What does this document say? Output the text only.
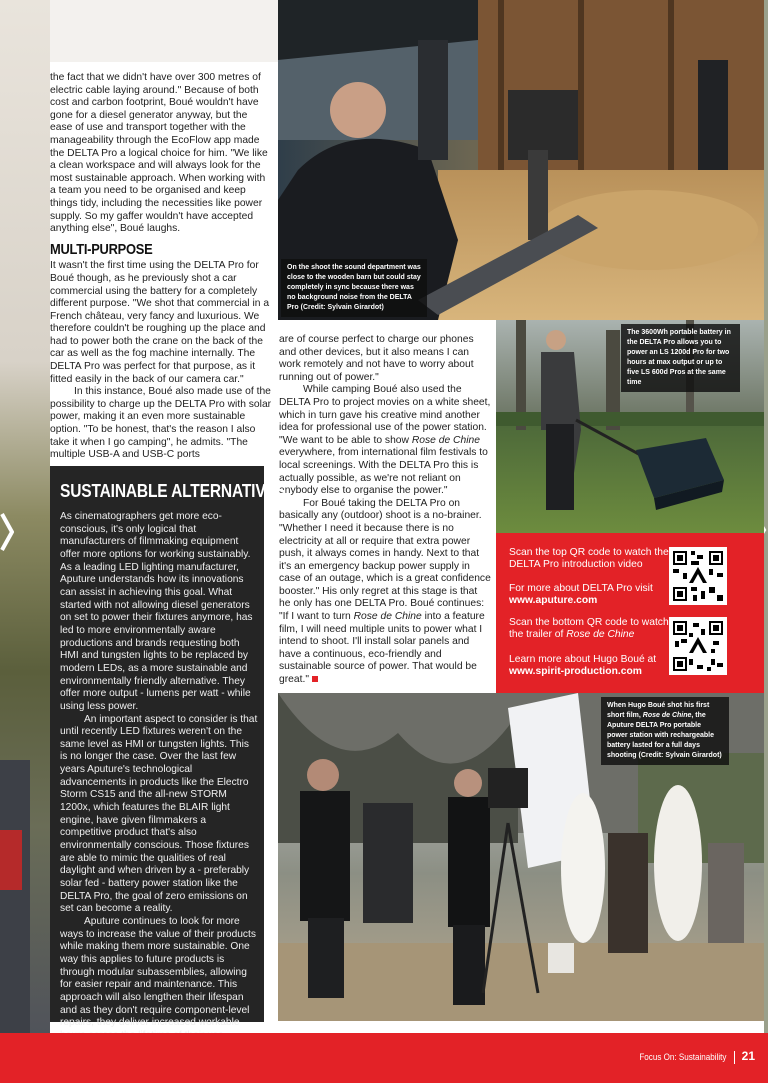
the fact that we didn't have over 300 metres of electric cable laying around." Because of both cost and carbon footprint, Boué wouldn't have gone for a diesel generator anyway, but the ease of use and transport together with the manageability through the EcoFlow app made the DELTA Pro a logical choice for him. "We like a clean workspace and will always look for the most sustainable approach. When working with a team you need to be organised and keep things tidy, including the necessities like power supply. So my gaffer wouldn't have accepted anything else", Boué laughs.

MULTI-PURPOSE

It wasn't the first time using the DELTA Pro for Boué though, as he previously shot a car commercial using the battery for a completely different purpose. "We shot that commercial in a French château, very fancy and luxurious. We therefore couldn't be roughing up the place and had to power both the crane on the back of the car as well as the fog machine internally. The DELTA Pro was perfect for that purpose, as it fitted easily in the back of our camera car."

In this instance, Boué also made use of the possibility to charge up the DELTA Pro with solar power, making it an even more sustainable option. "To be honest, that's the reason I also take it when I go camping", he admits. "The multiple USB-A and USB-C ports

On the shoot the sound department was close to the wooden barn but could stay completely in sync because there was no background noise from the DELTA Pro (Credit: Sylvain Girardot)

are of course perfect to charge our phones and other devices, but it also means I can work remotely and not have to worry about running out of power."

While camping Boué also used the DELTA Pro to project movies on a white sheet, which in turn gave his creative mind another idea for professional use of the power station. "We want to be able to show Rose de Chine everywhere, from international film festivals to local screenings. With the DELTA Pro this is actually possible, as we're not reliant on anybody else to organise the power."

For Boué taking the DELTA Pro on basically any (outdoor) shoot is a no-brainer. "Whether I need it because there is no electricity at all or require that extra power push, it always comes in handy. Next to that it's an emergency backup power supply in case of an outage, which is a great confidence booster." His only regret at this stage is that he only has one DELTA Pro. Boué continues: "If I want to turn Rose de Chine into a feature film, I will need multiple units to power what I intend to shoot. I'll install solar panels and have a continuous, eco-friendly and sustainable source of power. That would be great."

The 3600Wh portable battery in the DELTA Pro allows you to power an LS 1200d Pro for two hours at max output or up to five LS 600d Pros at the same time
Scan the top QR code to watch the DELTA Pro introduction video
For more about DELTA Pro visit www.aputure.com
Scan the bottom QR code to watch the trailer of Rose de Chine
Learn more about Hugo Boué at www.spirit-production.com
SUSTAINABLE ALTERNATIVES

As cinematographers get more eco-conscious, it's only logical that manufacturers of filmmaking equipment offer more options for working sustainably. As a leading LED lighting manufacturer, Aputure understands how its innovations can assist in achieving this goal. What started with not allowing diesel generators on set to power their fixtures anymore, has led to more environmentally aware productions and brands requesting both HMI and tungsten lights to be replaced by modern LEDs, as a more sustainable and environmentally friendly alternative. They offer more output - lumens per watt - while using less power.

An important aspect to consider is that until recently LED fixtures weren't on the same level as HMI or tungsten lights. This is no longer the case. Over the last few years Aputure's technological advancements in products like the Electro Storm CS15 and the all-new STORM 1200x, which features the BLAIR light engine, have given filmmakers a competitive product that's also environmentally conscious. Those fixtures are able to mimic the qualities of real daylight and when driven by a - preferably solar fed - battery power station like the DELTA Pro, the goal of zero emissions on set can become a reality.

Aputure continues to look for more ways to increase the value of their products while making them more sustainable. One way this applies to future products is through modular subassemblies, allowing for easier repair and maintenance. This approach will also lengthen their lifespan and as they don't require component-level repairs, they deliver increased workable

When Hugo Boué shot his first short film, Rose de Chine, the Aputure DELTA Pro portable power station with rechargeable battery lasted for a full days shooting (Credit: Sylvain Girardot)
Focus On: Sustainability 21
